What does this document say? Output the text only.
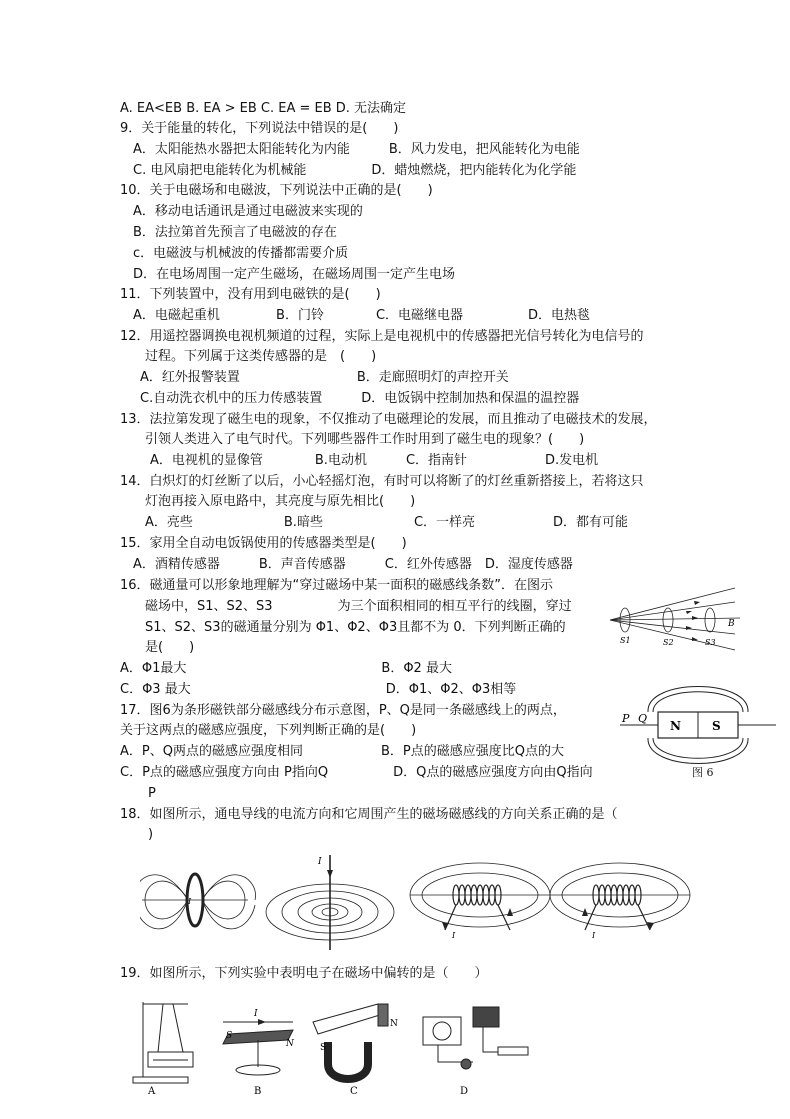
A. EA<EB B. EA > EB C. EA = EB D. 无法确定
9．关于能量的转化，下列说法中错误的是(　　)
A．太阳能热水器把太阳能转化为内能　　　B．风力发电，把风能转化为电能
C. 电风扇把电能转化为机械能　　　　　D．蜡烛燃烧，把内能转化为化学能
10．关于电磁场和电磁波，下列说法中正确的是(　　)
A．移动电话通讯是通过电磁波来实现的
B．法拉第首先预言了电磁波的存在
c．电磁波与机械波的传播都需要介质
D．在电场周围一定产生磁场，在磁场周围一定产生电场
11．下列装置中，没有用到电磁铁的是(　　)
A．电磁起重机　　　　 B．门铃　　　　C．电磁继电器　　　　　D．电热毯
12．用遥控器调换电视机频道的过程，实际上是电视机中的传感器把光信号转化为电信号的
过程。下列属于这类传感器的是　(　　)
A．红外报警装置　　　　　　　　　B．走廊照明灯的声控开关
C.自动洗衣机中的压力传感装置　　　D．电饭锅中控制加热和保温的温控器
13．法拉第发现了磁生电的现象，不仅推动了电磁理论的发展，而且推动了电磁技术的发展，
引领人类进入了电气时代。下列哪些器件工作时用到了磁生电的现象？(　　)
A．电视机的显像管　　　　B.电动机　　　C．指南针　　　　　　D.发电机
14．白炽灯的灯丝断了以后，小心轻摇灯泡，有时可以将断了的灯丝重新搭接上，若将这只
灯泡再接入原电路中，其亮度与原先相比(　　)
A．亮些　　　　　　　B.暗些　　　　　　　C．一样亮　　　　　　D．都有可能
15．家用全自动电饭锅使用的传感器类型是(　　)
A．酒精传感器　　　B．声音传感器　　　C．红外传感器　D．湿度传感器
16．磁通量可以形象地理解为“穿过磁场中某一面积的磁感线条数”．在图示
磁场中，S1、S2、S3　　　　　为三个面积相同的相互平行的线圈，穿过
S1、S2、S3的磁通量分别为 Φ1、Φ2、Φ3且都不为 0．下列判断正确的
是(　　)
A．Φ1最大　　　　　　　　　　　　　　　B．Φ2 最大
C．Φ3 最大　　　　　　　　　　　　　　　D．Φ1、Φ2、Φ3相等
17．图6为条形磁铁部分磁感线分布示意图，P、Q是同一条磁感线上的两点，
关于这两点的磁感应强度，下列判断正确的是(　　)
A．P、Q两点的磁感应强度相同　　　　　　B．P点的磁感应强度比Q点的大
C．P点的磁感应强度方向由 P指向Q　　　　　D．Q点的磁感应强度方向由Q指向
P
18．如图所示，通电导线的电流方向和它周围产生的磁场磁感线的方向关系正确的是（
)
19．如图所示，下列实验中表明电子在磁场中偏转的是（　　）
B
S1	S2	S3
N	S
P Q
图 6
I
I
I	I
A
I
S
N
B
S
N
C	D
